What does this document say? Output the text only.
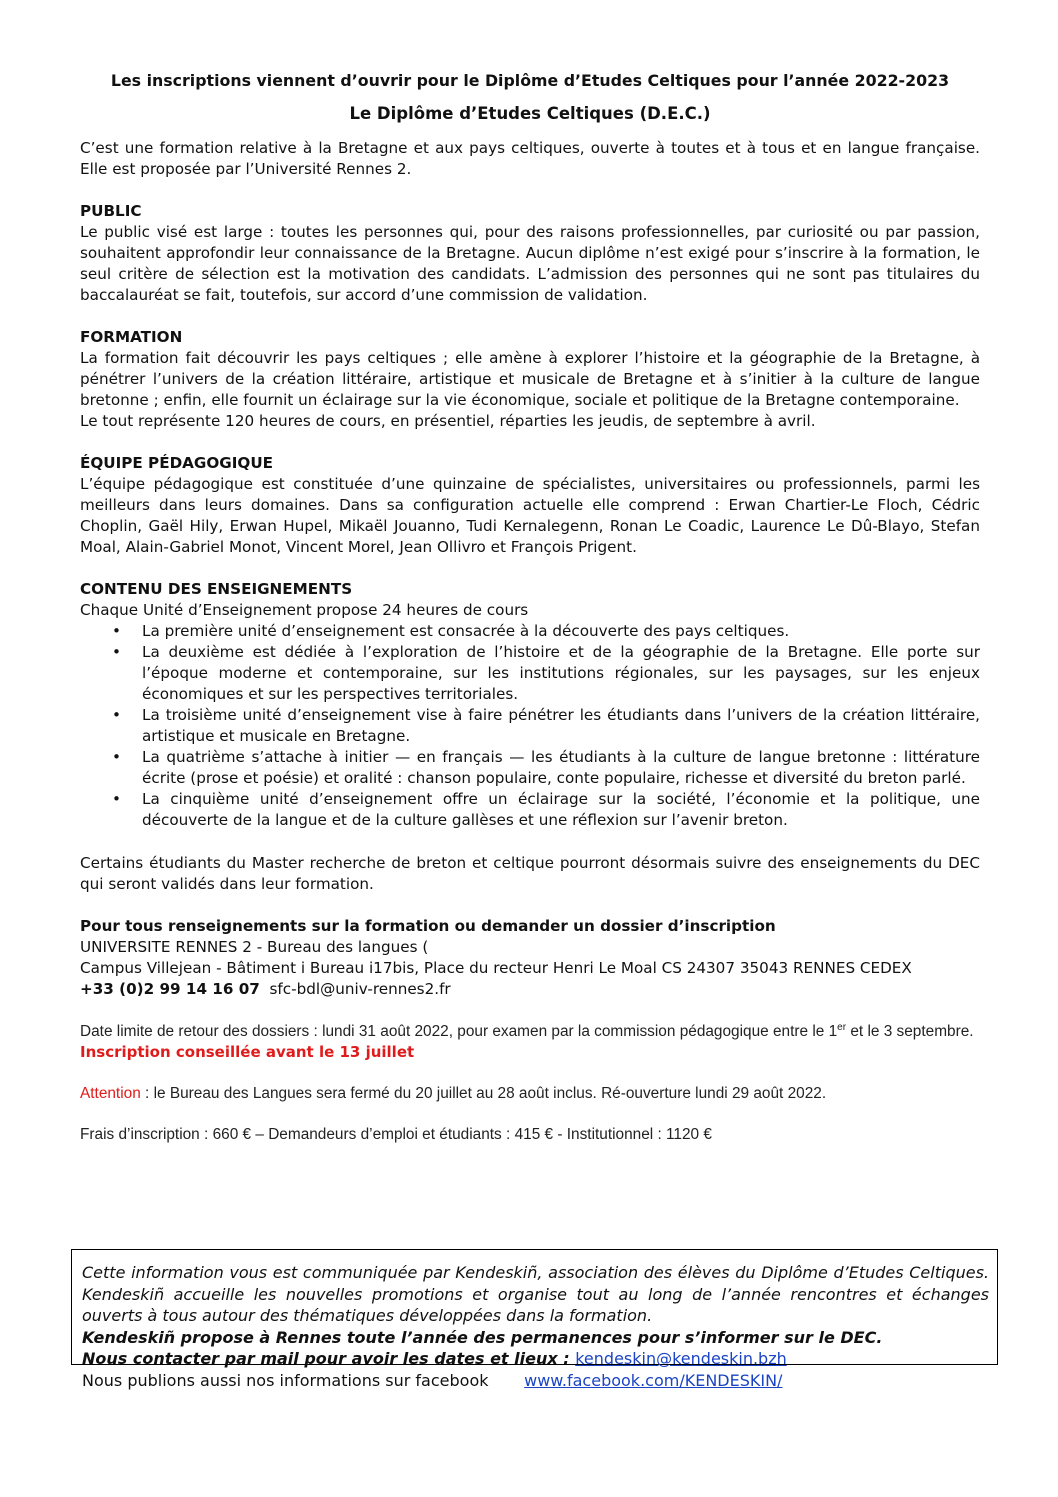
Les inscriptions viennent d’ouvrir pour le Diplôme d’Etudes Celtiques pour l’année 2022-2023
Le Diplôme d’Etudes Celtiques (D.E.C.)

C’est une formation relative à la Bretagne et aux pays celtiques, ouverte à toutes et à tous et en langue française. Elle est proposée par l’Université Rennes 2.

PUBLIC

Le public visé est large : toutes les personnes qui, pour des raisons professionnelles, par curiosité ou par passion, souhaitent approfondir leur connaissance de la Bretagne. Aucun diplôme n’est exigé pour s’inscrire à la formation, le seul critère de sélection est la motivation des candidats. L’admission des personnes qui ne sont pas titulaires du baccalauréat se fait, toutefois, sur accord d’une commission de validation.

FORMATION

La formation fait découvrir les pays celtiques ; elle amène à explorer l’histoire et la géographie de la Bretagne, à pénétrer l’univers de la création littéraire, artistique et musicale de Bretagne et à s’initier à la culture de langue bretonne ; enfin, elle fournit un éclairage sur la vie économique, sociale et politique de la Bretagne contemporaine.

Le tout représente 120 heures de cours, en présentiel, réparties les jeudis, de septembre à avril.

ÉQUIPE PÉDAGOGIQUE

L’équipe pédagogique est constituée d’une quinzaine de spécialistes, universitaires ou professionnels, parmi les meilleurs dans leurs domaines. Dans sa configuration actuelle elle comprend : Erwan Chartier-Le Floch, Cédric Choplin, Gaël Hily, Erwan Hupel, Mikaël Jouanno, Tudi Kernalegenn, Ronan Le Coadic, Laurence Le Dû-Blayo, Stefan Moal, Alain-Gabriel Monot, Vincent Morel, Jean Ollivro et François Prigent.

CONTENU DES ENSEIGNEMENTS
Chaque Unité d’Enseignement propose 24 heures de cours
• La première unité d’enseignement est consacrée à la découverte des pays celtiques.
• La deuxième est dédiée à l’exploration de l’histoire et de la géographie de la Bretagne. Elle porte sur l’époque moderne et contemporaine, sur les institutions régionales, sur les paysages, sur les enjeux économiques et sur les perspectives territoriales.
• La troisième unité d’enseignement vise à faire pénétrer les étudiants dans l’univers de la création littéraire, artistique et musicale en Bretagne.
• La quatrième s’attache à initier — en français — les étudiants à la culture de langue bretonne : littérature écrite (prose et poésie) et oralité : chanson populaire, conte populaire, richesse et diversité du breton parlé.
• La cinquième unité d’enseignement offre un éclairage sur la société, l’économie et la politique, une découverte de la langue et de la culture gallèses et une réflexion sur l’avenir breton.

Certains étudiants du Master recherche de breton et celtique pourront désormais suivre des enseignements du DEC qui seront validés dans leur formation.

Pour tous renseignements sur la formation ou demander un dossier d’inscription
UNIVERSITE RENNES 2 - Bureau des langues (
Campus Villejean - Bâtiment i Bureau i17bis, Place du recteur Henri Le Moal CS 24307 35043 RENNES CEDEX
+33 (0)2 99 14 16 07 sfc-bdl@univ-rennes2.fr

Date limite de retour des dossiers : lundi 31 août 2022, pour examen par la commission pédagogique entre le 1er et le 3 septembre.

Inscription conseillée avant le 13 juillet

Attention : le Bureau des Langues sera fermé du 20 juillet au 28 août inclus. Ré-ouverture lundi 29 août 2022.

Frais d’inscription : 660 € – Demandeurs d’emploi et étudiants : 415 € - Institutionnel : 1120 €

Cette information vous est communiquée par Kendeskiñ, association des élèves du Diplôme d’Etudes Celtiques. Kendeskiñ accueille les nouvelles promotions et organise tout au long de l’année rencontres et échanges ouverts à tous autour des thématiques développées dans la formation.

Kendeskiñ propose à Rennes toute l’année des permanences pour s’informer sur le DEC.

Nous contacter par mail pour avoir les dates et lieux : kendeskin@kendeskin.bzh

Nous publions aussi nos informations sur facebook www.facebook.com/KENDESKIN/
